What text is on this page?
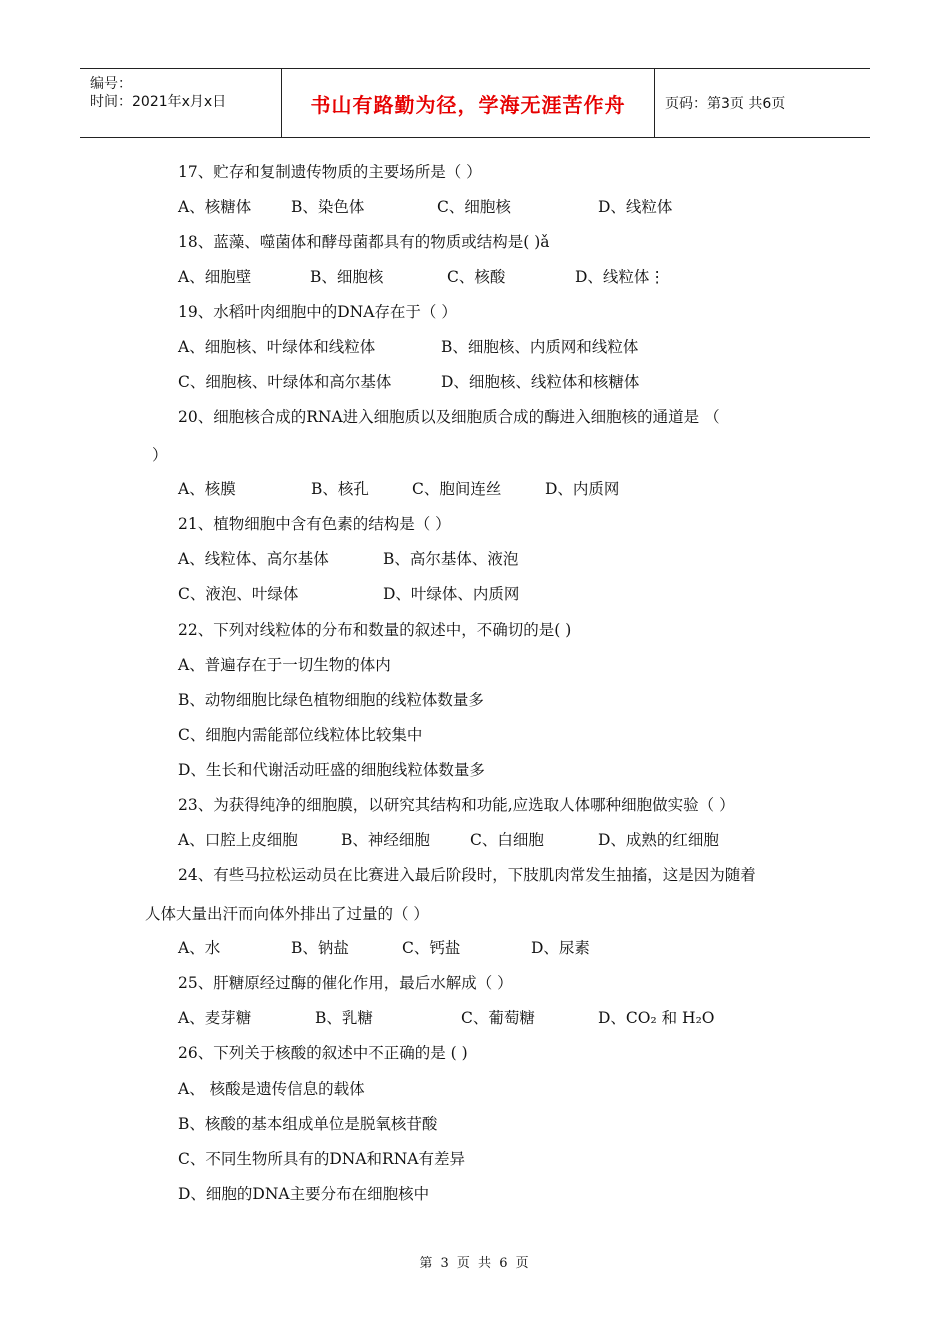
编号：
时间：2021年x月x日	书山有路勤为径，学海无涯苦作舟	页码：第3页 共6页
17、贮存和复制遗传物质的主要场所是（ ）
A、核糖体	B、染色体	C、细胞核	D、线粒体
18、蓝藻、噬菌体和酵母菌都具有的物质或结构是( )ǎ
A、细胞壁	B、细胞核	C、核酸	D、线粒体⋮
19、水稻叶肉细胞中的DNA存在于（ ）
A、细胞核、叶绿体和线粒体	B、细胞核、内质网和线粒体
C、细胞核、叶绿体和高尔基体	D、细胞核、线粒体和核糖体
20、细胞核合成的RNA进入细胞质以及细胞质合成的酶进入细胞核的通道是 （
）
A、核膜	B、核孔	C、胞间连丝	D、内质网
21、植物细胞中含有色素的结构是（ ）
A、线粒体、高尔基体	B、高尔基体、液泡
C、液泡、叶绿体	D、叶绿体、内质网
22、下列对线粒体的分布和数量的叙述中，不确切的是( )
A、普遍存在于一切生物的体内
B、动物细胞比绿色植物细胞的线粒体数量多
C、细胞内需能部位线粒体比较集中
D、生长和代谢活动旺盛的细胞线粒体数量多
23、为获得纯净的细胞膜，以研究其结构和功能,应选取人体哪种细胞做实验（ ）
A、口腔上皮细胞	B、神经细胞	C、白细胞	D、成熟的红细胞
24、有些马拉松运动员在比赛进入最后阶段时，下肢肌肉常发生抽搐，这是因为随着
人体大量出汗而向体外排出了过量的（ ）
A、水	B、钠盐	C、钙盐	D、尿素
25、肝糖原经过酶的催化作用，最后水解成（ ）
A、麦芽糖	B、乳糖	C、葡萄糖	D、CO₂ 和 H₂O
26、下列关于核酸的叙述中不正确的是 ( )
A、 核酸是遗传信息的载体
B、核酸的基本组成单位是脱氧核苷酸
C、不同生物所具有的DNA和RNA有差异
D、细胞的DNA主要分布在细胞核中
第 3 页 共 6 页
